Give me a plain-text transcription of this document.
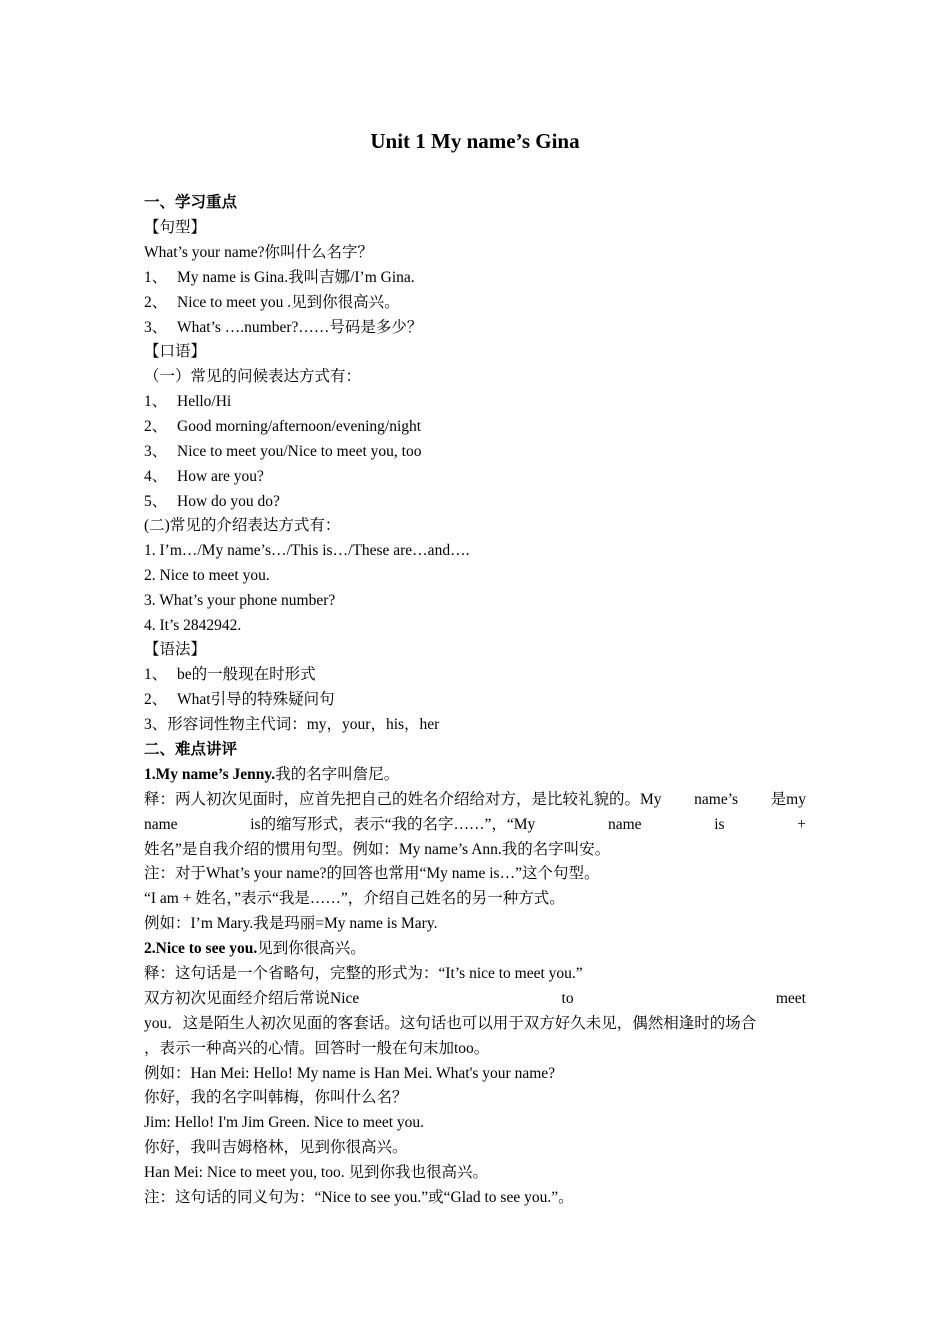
Unit 1 My name’s Gina
一、学习重点
【句型】
What’s your name?你叫什么名字？
1、 My name is Gina.我叫吉娜/I’m Gina.
2、 Nice to meet you .见到你很高兴。
3、 What’s ….number?……号码是多少？
【口语】
（一）常见的问候表达方式有：
1、 Hello/Hi
2、 Good morning/afternoon/evening/night
3、 Nice to meet you/Nice to meet you, too
4、 How are you?
5、 How do you do?
(二)常见的介绍表达方式有：
1. I’m…/My name’s…/This is…/These are…and….
2. Nice to meet you.
3. What’s your phone number?
4. It’s 2842942.
【语法】
1、 be的一般现在时形式
2、 What引导的特殊疑问句
3、形容词性物主代词：my，your，his，her
二、难点讲评
1.My name’s Jenny.我的名字叫詹尼。
释：两人初次见面时，应首先把自己的姓名介绍给对方，是比较礼貌的。My name’s 是my
name	is的缩写形式，表示“我的名字……”，“My	name	is	+
姓名”是自我介绍的惯用句型。例如：My name’s Ann.我的名字叫安。
注：对于What’s your name?的回答也常用“My name is…”这个句型。
“I am + 姓名，”表示“我是……”，介绍自己姓名的另一种方式。
例如：I’m Mary.我是玛丽=My name is Mary.
2.Nice to see you.见到你很高兴。
释：这句话是一个省略句，完整的形式为：“It’s nice to meet you.”
双方初次见面经介绍后常说Nice	to	meet
you．这是陌生人初次见面的客套话。这句话也可以用于双方好久未见，偶然相逢时的场合
，表示一种高兴的心情。回答时一般在句末加too。
例如：Han Mei: Hello! My name is Han Mei. What's your name?
你好，我的名字叫韩梅，你叫什么名？
Jim: Hello! I'm Jim Green. Nice to meet you.
你好，我叫吉姆格林，见到你很高兴。
Han Mei: Nice to meet you, too. 见到你我也很高兴。
注：这句话的同义句为：“Nice to see you.”或“Glad to see you.”。
